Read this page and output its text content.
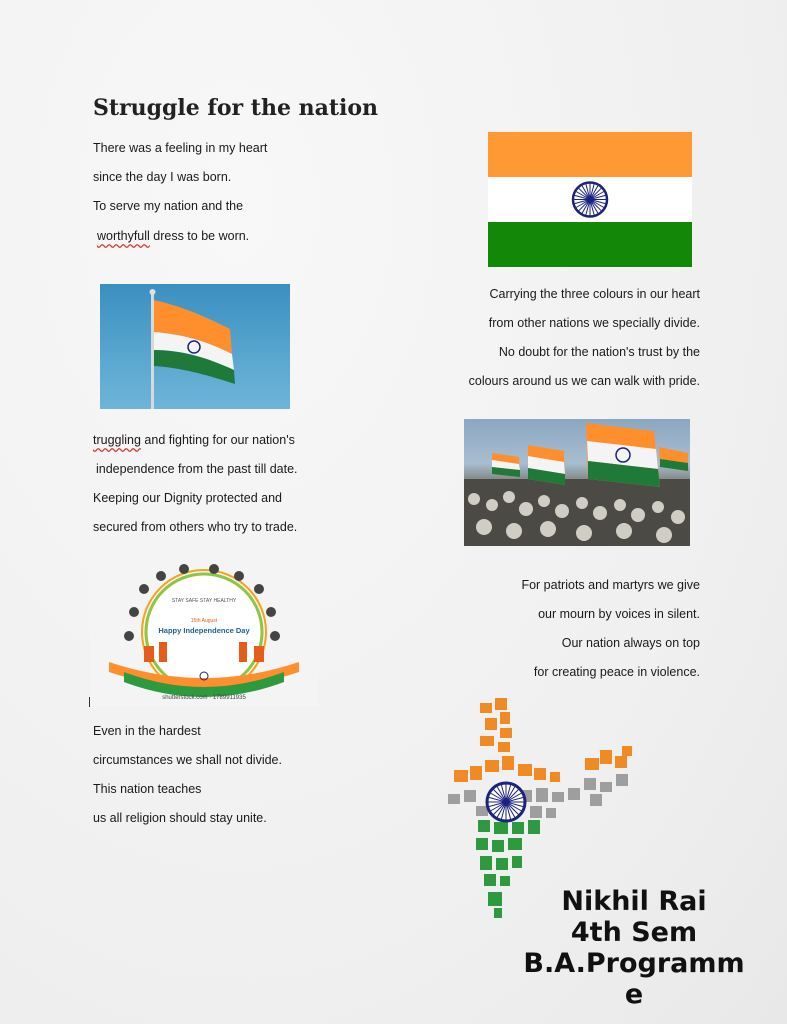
Struggle for the nation
There was a feeling in my heart
since the day I was born.
To serve my nation and the
worthyfull dress to be worn.
Carrying the three colours in our heart
from other nations we specially divide.
No doubt for the nation's trust by the
colours around us we can walk with pride.
truggling and fighting for our nation's
independence from the past till date.
Keeping our Dignity protected and
secured from others who try to trade.
STAY SAFE STAY HEALTHY
15th August
Happy Independence Day
shutterstock.com · 1789911935
For patriots and martyrs we give
our mourn by voices in silent.
Our nation always on top
for creating peace in violence.
Even in the hardest
circumstances we shall not divide.
This nation teaches
us all religion should stay unite.
Nikhil Rai
4th Sem
B.A.Programm
e
